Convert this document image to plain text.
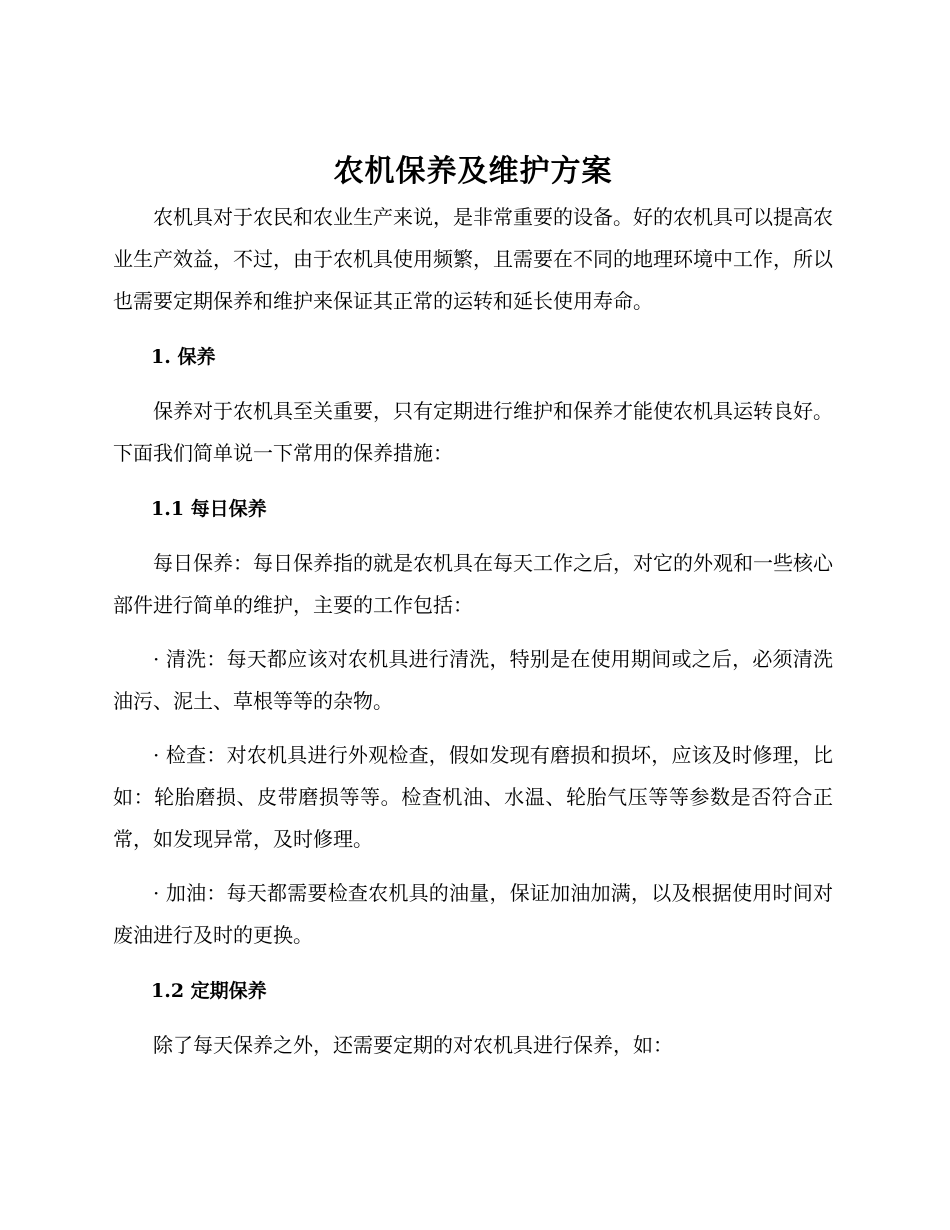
农机保养及维护方案

农机具对于农民和农业生产来说，是非常重要的设备。好的农机具可以提高农业生产效益，不过，由于农机具使用频繁，且需要在不同的地理环境中工作，所以也需要定期保养和维护来保证其正常的运转和延长使用寿命。

1. 保养

保养对于农机具至关重要，只有定期进行维护和保养才能使农机具运转良好。下面我们简单说一下常用的保养措施：

1.1 每日保养

每日保养：每日保养指的就是农机具在每天工作之后，对它的外观和一些核心部件进行简单的维护，主要的工作包括：

· 清洗：每天都应该对农机具进行清洗，特别是在使用期间或之后，必须清洗油污、泥土、草根等等的杂物。

· 检查：对农机具进行外观检查，假如发现有磨损和损坏，应该及时修理，比如：轮胎磨损、皮带磨损等等。检查机油、水温、轮胎气压等等参数是否符合正常，如发现异常，及时修理。

· 加油：每天都需要检查农机具的油量，保证加油加满，以及根据使用时间对废油进行及时的更换。

1.2 定期保养

除了每天保养之外，还需要定期的对农机具进行保养，如：
